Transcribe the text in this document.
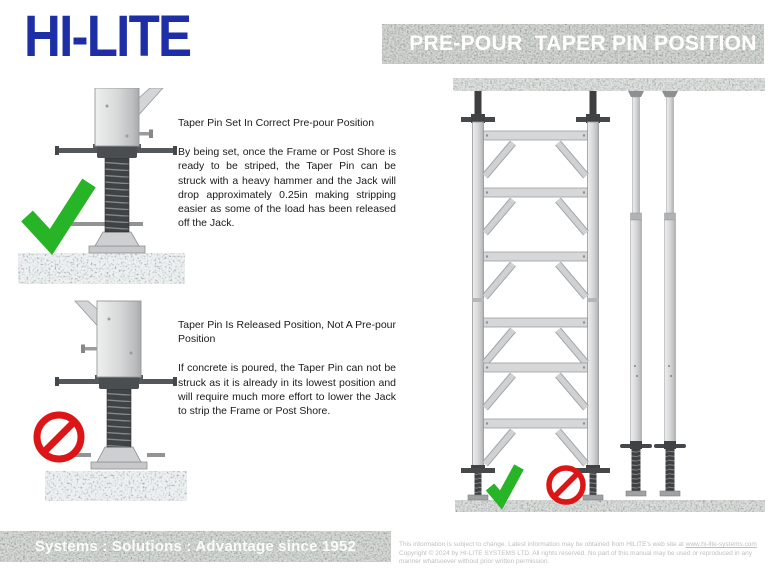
HI-LITE	PRE-POUR  TAPER PIN POSITION
Taper Pin Set In Correct Pre-pour Position

By being set, once the Frame or Post Shore is ready to be striped, the Taper Pin can be struck with a heavy hammer and the Jack will drop approximately 0.25in making stripping easier as some of the load has been released off the Jack.

Taper Pin Is Released Position, Not A Pre-pour Position

If concrete is poured, the Taper Pin can not be struck as it is already in its lowest position and will require much more effort to lower the Jack to strip the Frame or Post Shore.

Systems : Solutions : Advantage since 1952	This information is subject to change. Latest information may be obtained from HILITE's web site at www.hi-lite-systems.com

Copyright © 2024 by HI-LITE SYSTEMS LTD. All rights reserved. No part of this manual may be used or reproduced in any manner whatsoever without prior written permission.
